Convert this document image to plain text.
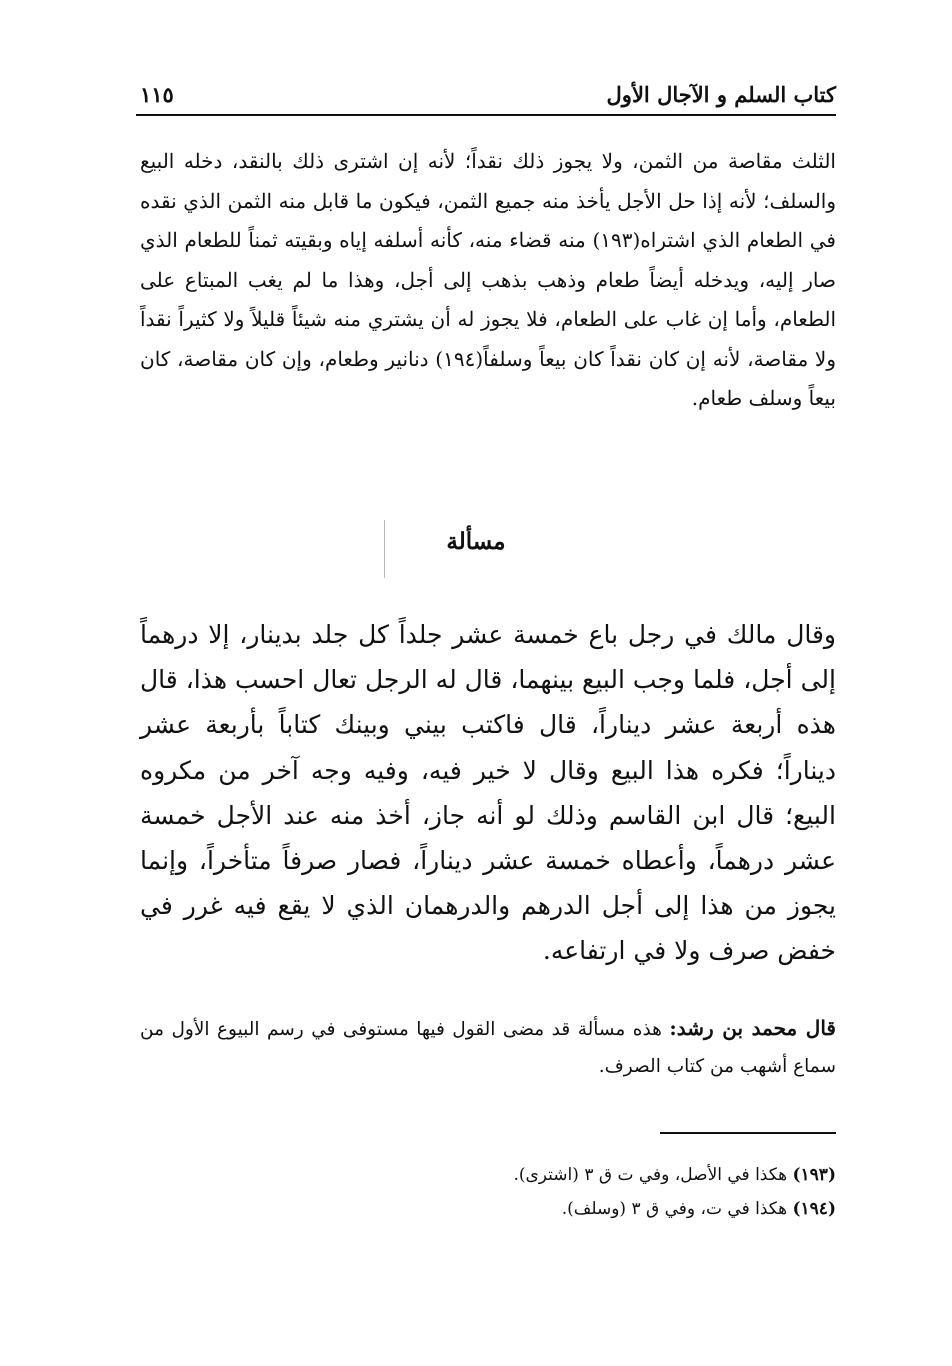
كتاب السلم و الآجال الأول
١١٥
الثلث مقاصة من الثمن، ولا يجوز ذلك نقداً؛ لأنه إن اشترى ذلك بالنقد، دخله البيع والسلف؛ لأنه إذا حل الأجل يأخذ منه جميع الثمن، فيكون ما قابل منه الثمن الذي نقده في الطعام الذي اشتراه(١٩٣) منه قضاء منه، كأنه أسلفه إياه وبقيته ثمناً للطعام الذي صار إليه، ويدخله أيضاً طعام وذهب بذهب إلى أجل، وهذا ما لم يغب المبتاع على الطعام، وأما إن غاب على الطعام، فلا يجوز له أن يشتري منه شيئاً قليلاً ولا كثيراً نقداً ولا مقاصة، لأنه إن كان نقداً كان بيعاً وسلفاً(١٩٤) دنانير وطعام، وإن كان مقاصة، كان بيعاً وسلف طعام.
مسألة
وقال مالك في رجل باع خمسة عشر جلداً كل جلد بدينار، إلا درهماً إلى أجل، فلما وجب البيع بينهما، قال له الرجل تعال احسب هذا، قال هذه أربعة عشر ديناراً، قال فاكتب بيني وبينك كتاباً بأربعة عشر ديناراً؛ فكره هذا البيع وقال لا خير فيه، وفيه وجه آخر من مكروه البيع؛ قال ابن القاسم وذلك لو أنه جاز، أخذ منه عند الأجل خمسة عشر درهماً، وأعطاه خمسة عشر ديناراً، فصار صرفاً متأخراً، وإنما يجوز من هذا إلى أجل الدرهم والدرهمان الذي لا يقع فيه غرر في خفض صرف ولا في ارتفاعه.
قال محمد بن رشد: هذه مسألة قد مضى القول فيها مستوفى في رسم البيوع الأول من سماع أشهب من كتاب الصرف.
(١٩٣) هكذا في الأصل، وفي ت ق ٣ (اشترى).
(١٩٤) هكذا في ت، وفي ق ٣ (وسلف).
